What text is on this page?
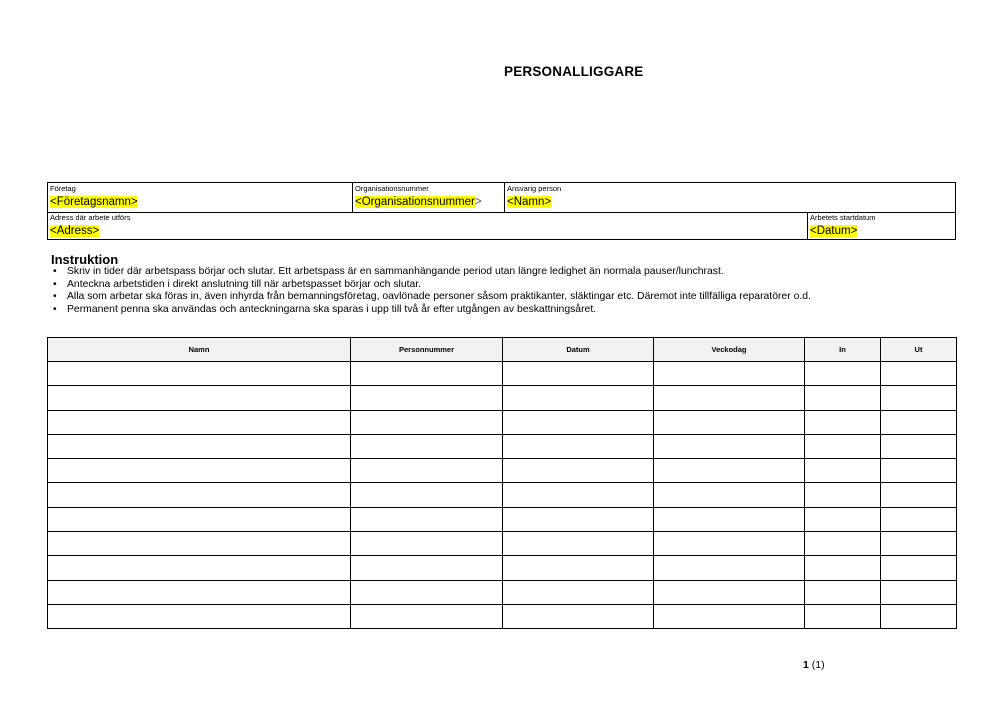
PERSONALLIGGARE
Företag
<Företagsnamn>
Organisationsnummer
<Organisationsnummer>
Ansvarig person
<Namn>
Adress där arbete utförs
<Adress>
Arbetets startdatum
<Datum>
Instruktion
• Skriv in tider där arbetspass börjar och slutar. Ett arbetspass är en sammanhängande period utan längre ledighet än normala pauser/lunchrast.
• Anteckna arbetstiden i direkt anslutning till när arbetspasset börjar och slutar.
• Alla som arbetar ska föras in, även inhyrda från bemanningsföretag, oavlönade personer såsom praktikanter, släktingar etc. Däremot inte tillfälliga reparatörer o.d.
• Permanent penna ska användas och anteckningarna ska sparas i upp till två år efter utgången av beskattningsåret.
Namn	Personnummer	Datum	Veckodag	In	Ut

1 (1)
